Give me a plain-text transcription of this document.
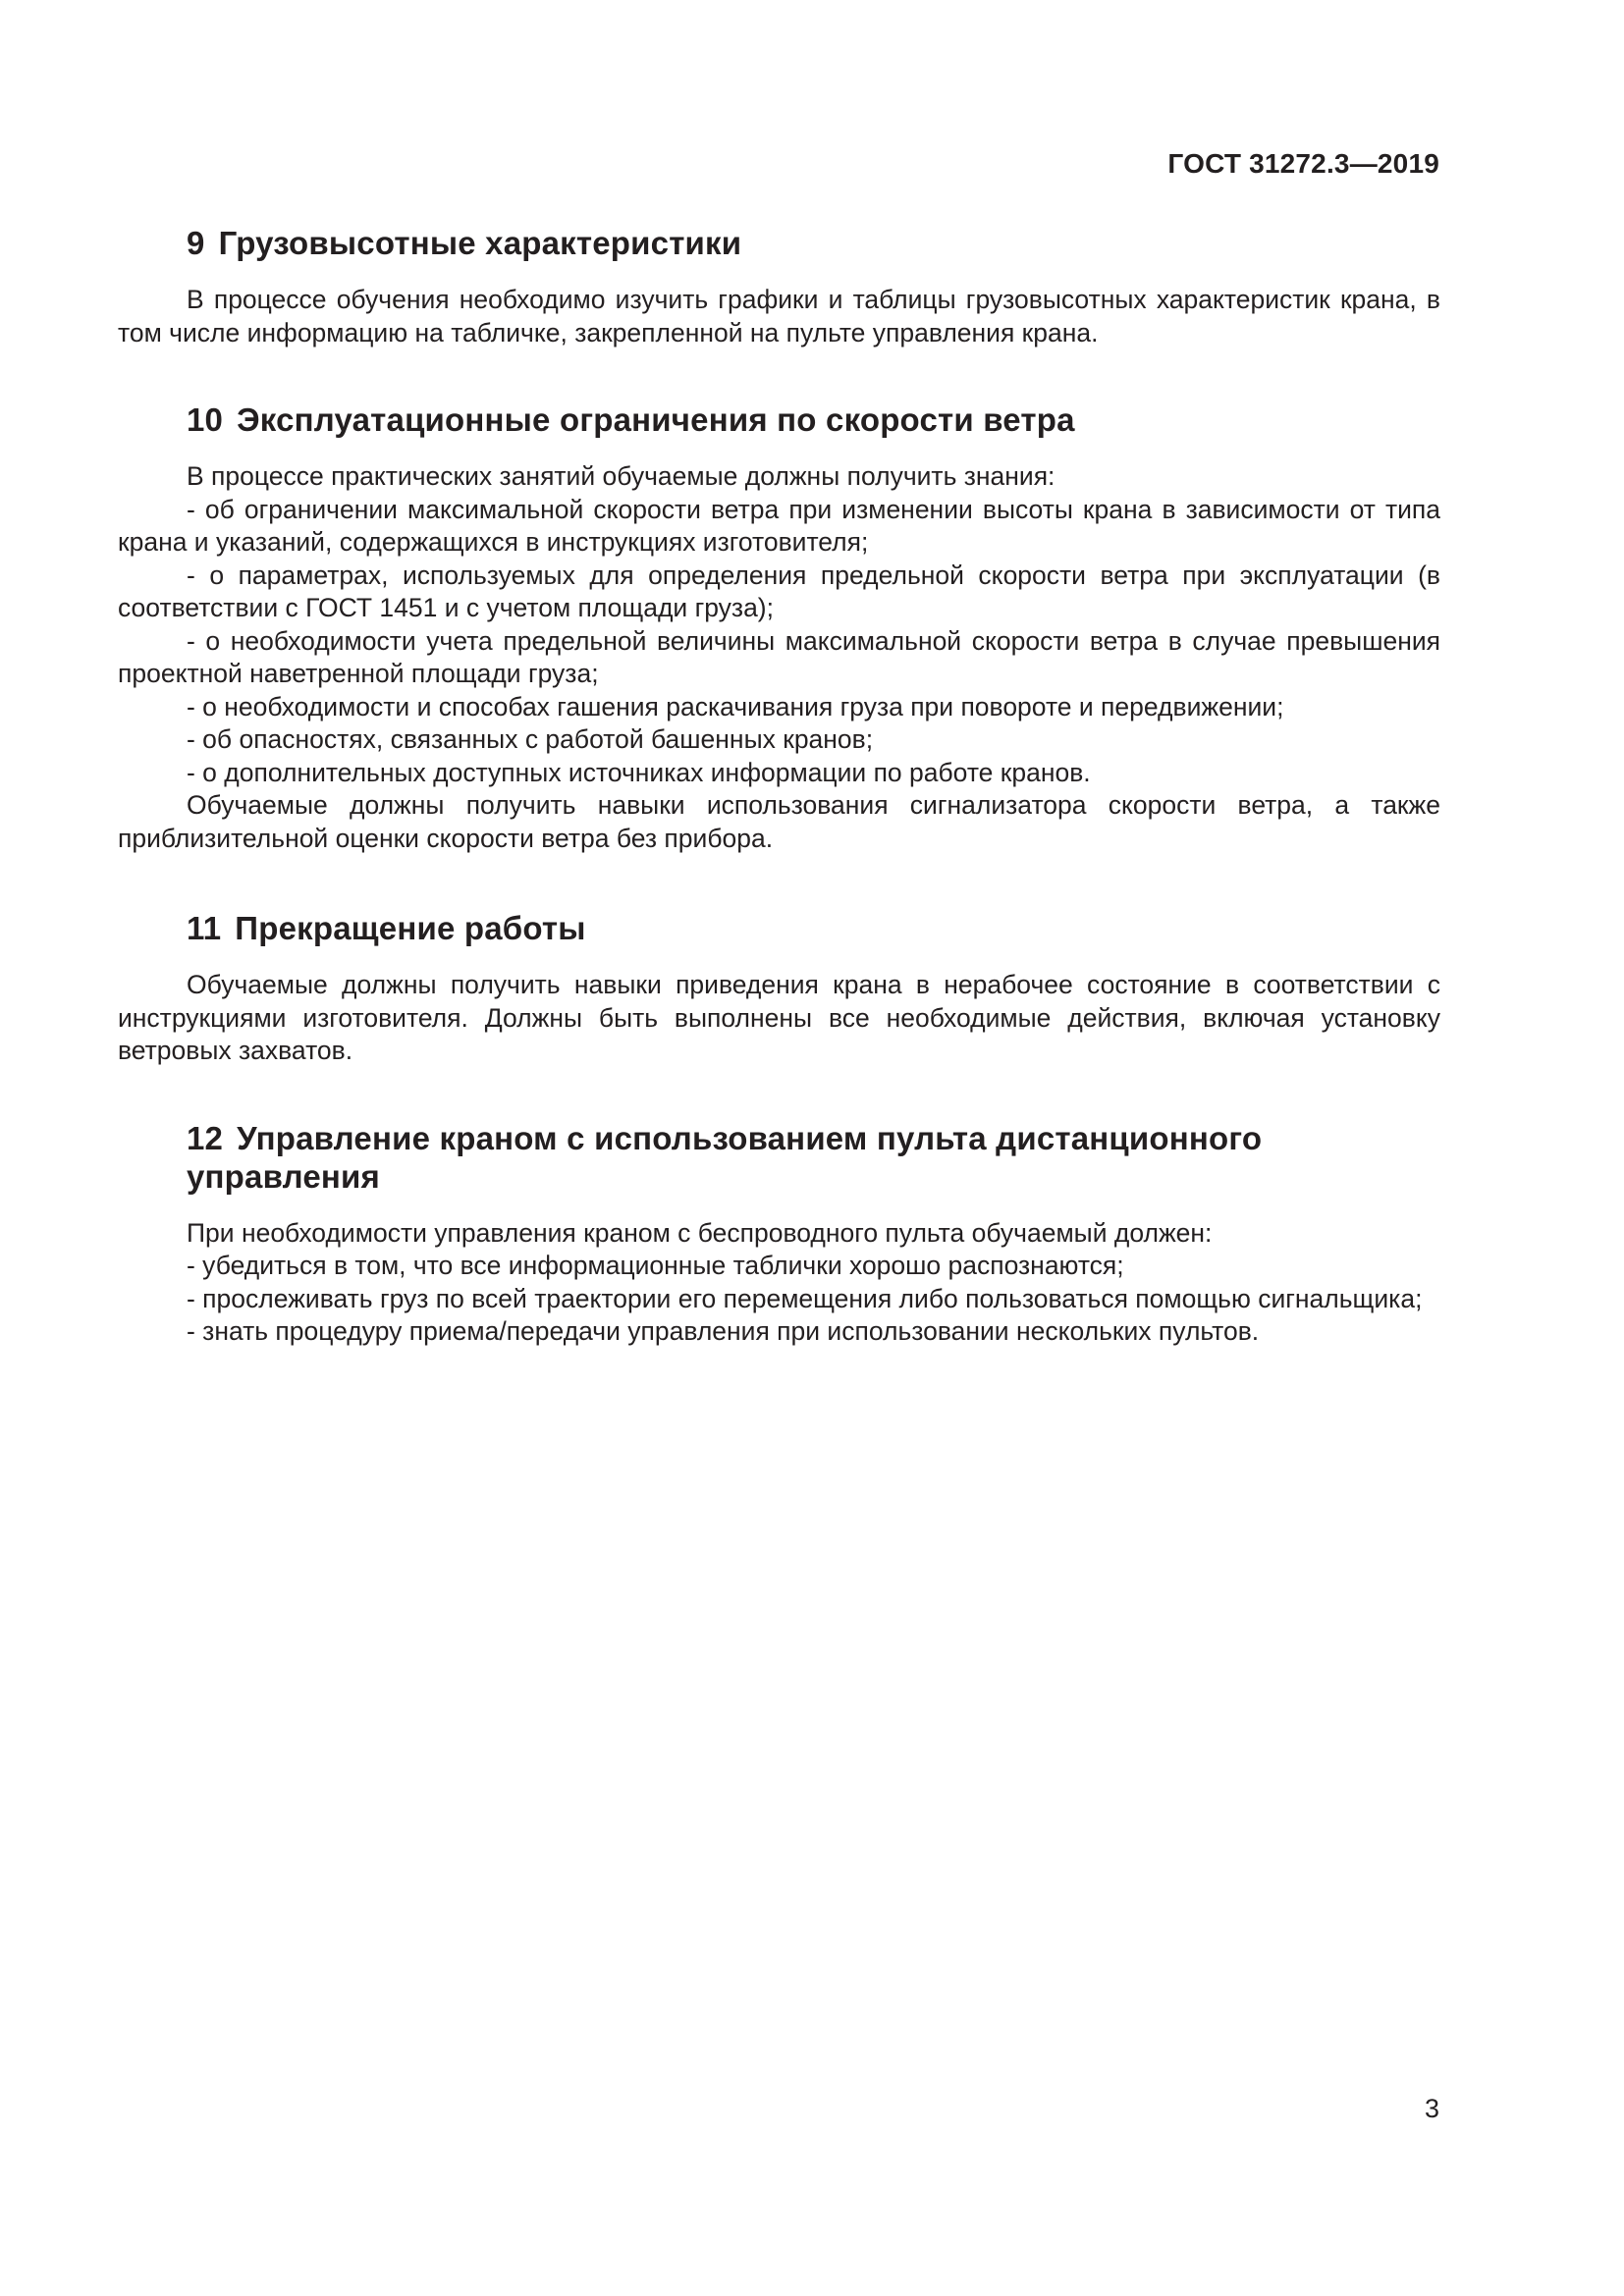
ГОСТ 31272.3—2019
9 Грузовысотные характеристики

В процессе обучения необходимо изучить графики и таблицы грузовысотных характеристик крана, в том числе информацию на табличке, закрепленной на пульте управления крана.

10 Эксплуатационные ограничения по скорости ветра

В процессе практических занятий обучаемые должны получить знания:

- об ограничении максимальной скорости ветра при изменении высоты крана в зависимости от типа крана и указаний, содержащихся в инструкциях изготовителя;
- о параметрах, используемых для определения предельной скорости ветра при эксплуатации (в соответствии с ГОСТ 1451 и с учетом площади груза);
- о необходимости учета предельной величины максимальной скорости ветра в случае превышения проектной наветренной площади груза;
- о необходимости и способах гашения раскачивания груза при повороте и передвижении;
- об опасностях, связанных с работой башенных кранов;
- о дополнительных доступных источниках информации по работе кранов.

Обучаемые должны получить навыки использования сигнализатора скорости ветра, а также приблизительной оценки скорости ветра без прибора.

11 Прекращение работы

Обучаемые должны получить навыки приведения крана в нерабочее состояние в соответствии с инструкциями изготовителя. Должны быть выполнены все необходимые действия, включая установку ветровых захватов.

12 Управление краном с использованием пульта дистанционного управления

При необходимости управления краном с беспроводного пульта обучаемый должен:

- убедиться в том, что все информационные таблички хорошо распознаются;
- прослеживать груз по всей траектории его перемещения либо пользоваться помощью сигнальщика;
- знать процедуру приема/передачи управления при использовании нескольких пультов.
3
